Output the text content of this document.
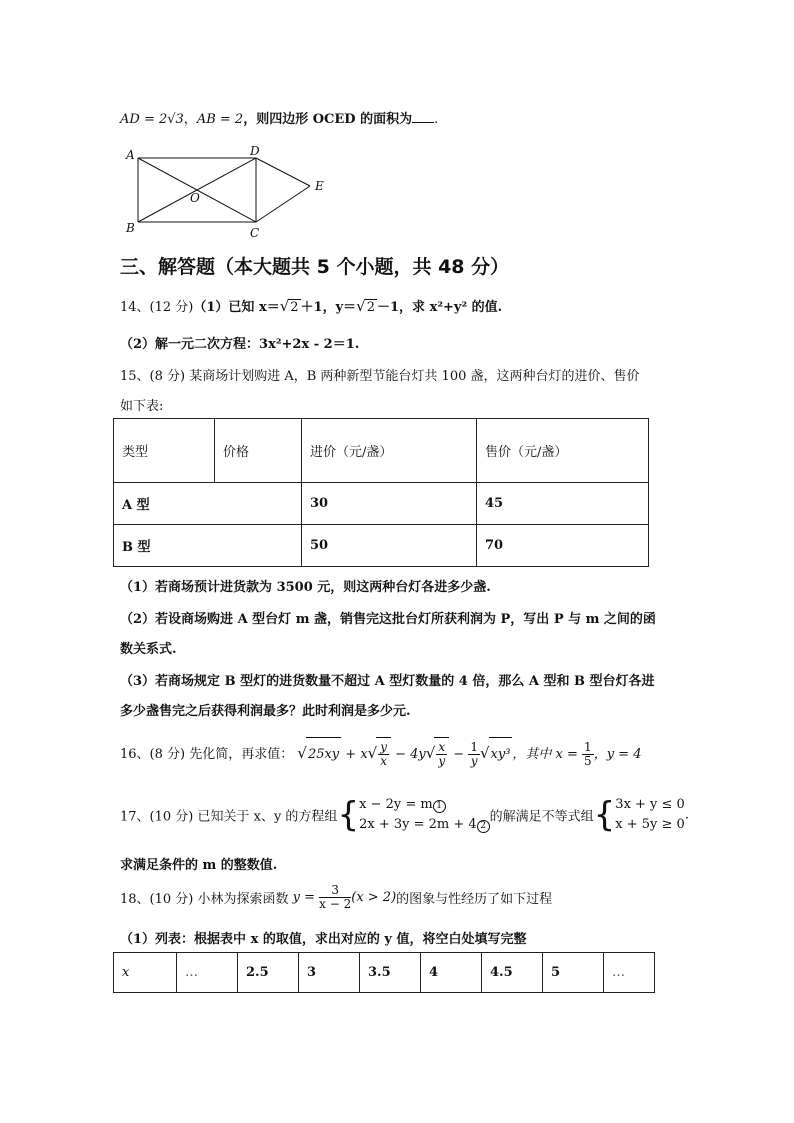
AD = 2√3，AB = 2，则四边形 OCED 的面积为 .
A
B	C
D
E
O
三、解答题（本大题共 5 个小题，共 48 分）
14、(12 分)（1）已知 x＝√2 ＋1，y＝√2 －1，求 x²+y² 的值.
（2）解一元二次方程：3x²+2x - 2＝1.
15、(8 分) 某商场计划购进 A，B 两种新型节能台灯共 100 盏，这两种台灯的进价、售价
如下表:
类型	价格	进价（元/盏）	售价（元/盏）
A 型		30	45
B 型		50	70
（1）若商场预计进货款为 3500 元，则这两种台灯各进多少盏.
（2）若设商场购进 A 型台灯 m 盏，销售完这批台灯所获利润为 P，写出 P 与 m 之间的函
数关系式.
（3）若商场规定 B 型灯的进货数量不超过 A 型灯数量的 4 倍，那么 A 型和 B 型台灯各进
多少盏售完之后获得利润最多？此时利润是多少元.
16、(8 分) 先化简，再求值： $√25xy + x√ \frac{y}{x} - 4y√ \frac{x}{y} - \frac{1}{y} √xy^3$ ，其中 $x = \frac{1}{5}$ ，y = 4
17、(10 分) 已知关于 x、y 的方程组{x − 2y = m 1
2x + 3y = 2m + 4 2的解满足不等式组{3x + y ≤ 0
x + 5y ≥ 0.
求满足条件的 m 的整数值.
18、(10 分) 小林为探索函数 $y = \frac{3}{x - 2} (x > 2)$的图象与性经历了如下过程
（1）列表：根据表中 x 的取值，求出对应的 y 值，将空白处填写完整
x	…	2.5	3	3.5	4	4.5	5	…
